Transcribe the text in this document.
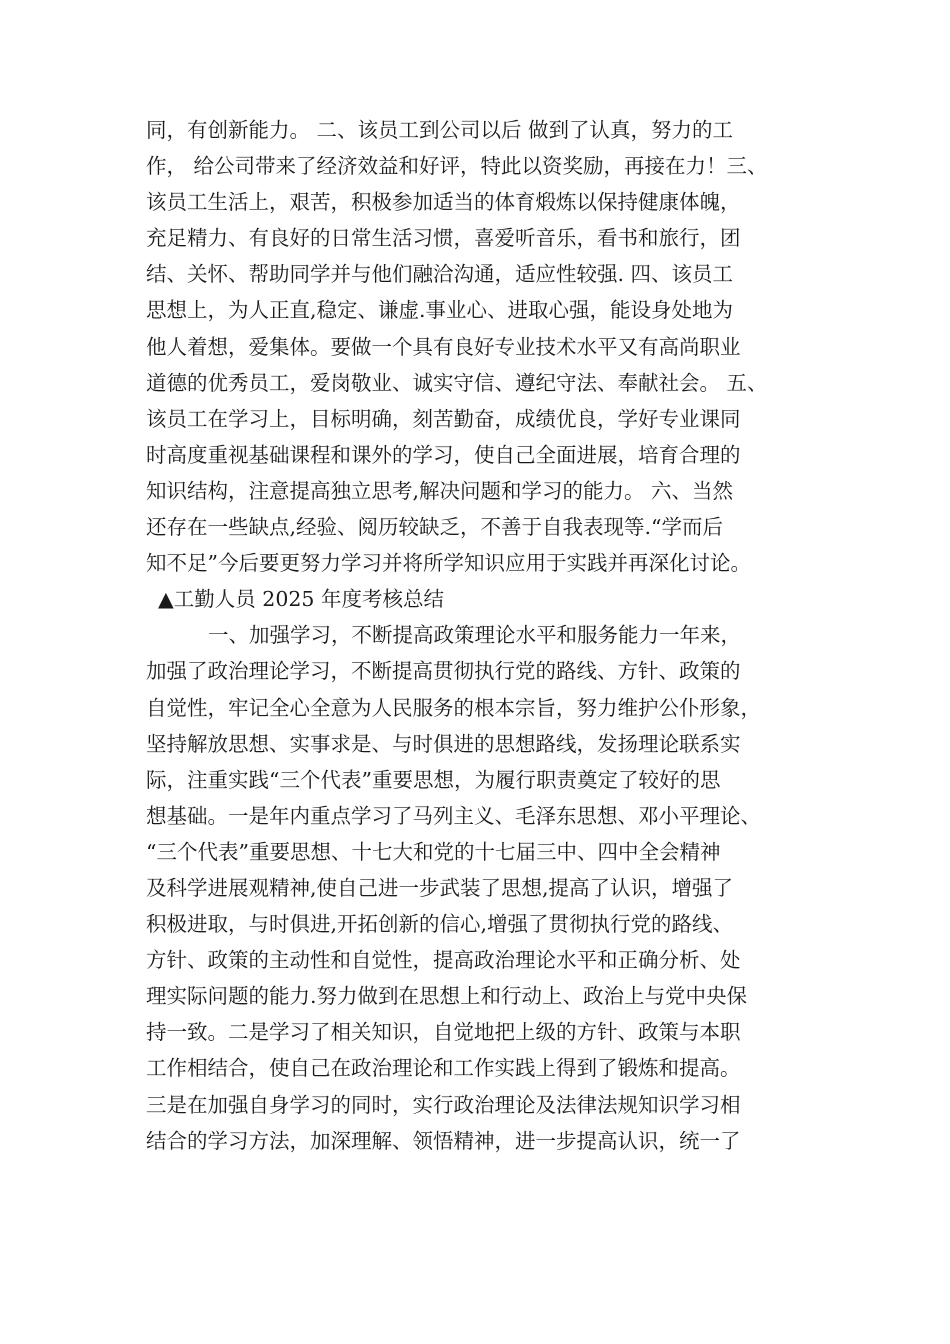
同，有创新能力。 二、该员工到公司以后 做到了认真，努力的工
作， 给公司带来了经济效益和好评，特此以资奖励，再接在力！三、
该员工生活上，艰苦，积极参加适当的体育煅炼以保持健康体魄，
充足精力、有良好的日常生活习惯，喜爱听音乐，看书和旅行，团
结、关怀、帮助同学并与他们融洽沟通，适应性较强. 四、该员工
思想上，为人正直,稳定、谦虚.事业心、进取心强，能设身处地为
他人着想，爱集体。要做一个具有良好专业技术水平又有高尚职业
道德的优秀员工，爱岗敬业、诚实守信、遵纪守法、奉献社会。 五、
该员工在学习上，目标明确，刻苦勤奋，成绩优良，学好专业课同
时高度重视基础课程和课外的学习，使自己全面进展，培育合理的
知识结构，注意提高独立思考,解决问题和学习的能力。 六、当然
还存在一些缺点,经验、阅历较缺乏，不善于自我表现等.“学而后
知不足”今后要更努力学习并将所学知识应用于实践并再深化讨论。
▲工勤人员 2025 年度考核总结
一、加强学习，不断提高政策理论水平和服务能力一年来，
加强了政治理论学习，不断提高贯彻执行党的路线、方针、政策的
自觉性，牢记全心全意为人民服务的根本宗旨，努力维护公仆形象，
坚持解放思想、实事求是、与时俱进的思想路线，发扬理论联系实
际，注重实践“三个代表”重要思想，为履行职责奠定了较好的思
想基础。一是年内重点学习了马列主义、毛泽东思想、邓小平理论、
“三个代表”重要思想、十七大和党的十七届三中、四中全会精神
及科学进展观精神,使自己进一步武装了思想,提高了认识，增强了
积极进取，与时俱进,开拓创新的信心,增强了贯彻执行党的路线、
方针、政策的主动性和自觉性，提高政治理论水平和正确分析、处
理实际问题的能力.努力做到在思想上和行动上、政治上与党中央保
持一致。二是学习了相关知识，自觉地把上级的方针、政策与本职
工作相结合，使自己在政治理论和工作实践上得到了锻炼和提高。
三是在加强自身学习的同时，实行政治理论及法律法规知识学习相
结合的学习方法，加深理解、领悟精神，进一步提高认识，统一了
